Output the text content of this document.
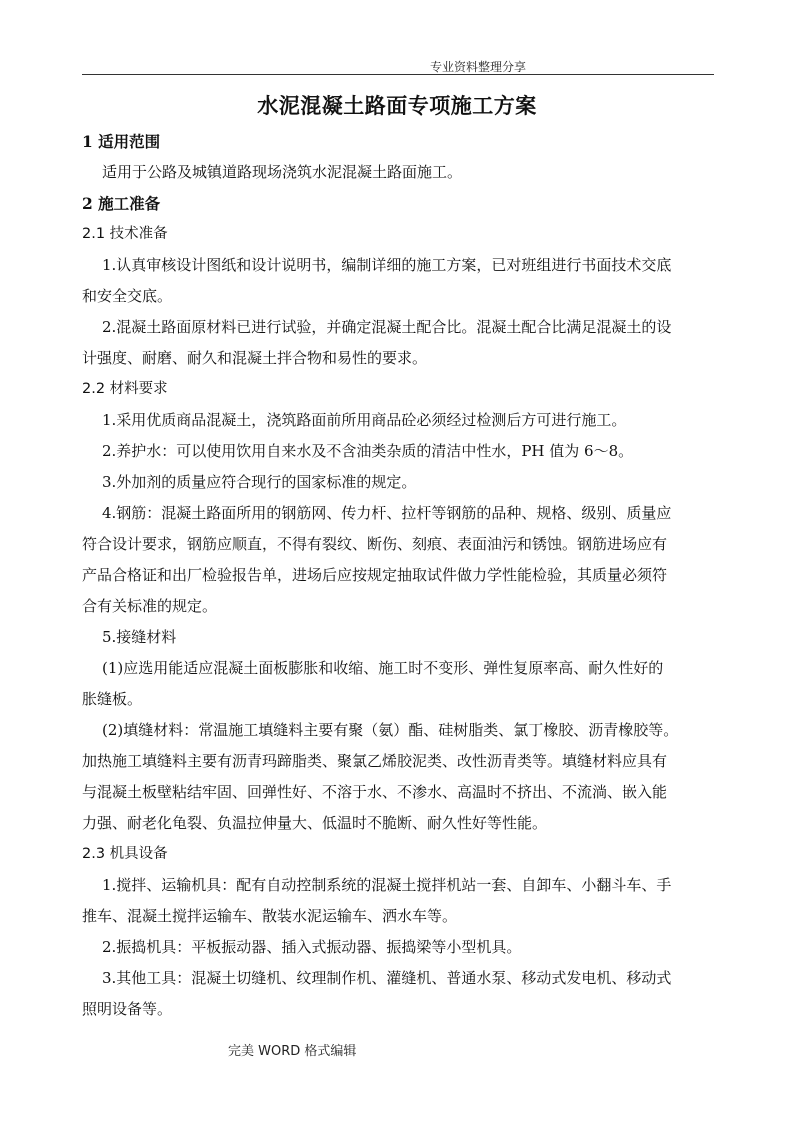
专业资料整理分享
水泥混凝土路面专项施工方案
1 适用范围
适用于公路及城镇道路现场浇筑水泥混凝土路面施工。
2 施工准备
2.1 技术准备
1.认真审核设计图纸和设计说明书，编制详细的施工方案，已对班组进行书面技术交底
和安全交底。
2.混凝土路面原材料已进行试验，并确定混凝土配合比。混凝土配合比满足混凝土的设
计强度、耐磨、耐久和混凝土拌合物和易性的要求。
2.2 材料要求
1.采用优质商品混凝土，浇筑路面前所用商品砼必须经过检测后方可进行施工。
2.养护水：可以使用饮用自来水及不含油类杂质的清洁中性水，PH 值为 6～8。
3.外加剂的质量应符合现行的国家标准的规定。
4.钢筋：混凝土路面所用的钢筋网、传力杆、拉杆等钢筋的品种、规格、级别、质量应
符合设计要求，钢筋应顺直，不得有裂纹、断伤、刻痕、表面油污和锈蚀。钢筋进场应有
产品合格证和出厂检验报告单，进场后应按规定抽取试件做力学性能检验，其质量必须符
合有关标准的规定。
5.接缝材料
(1)应选用能适应混凝土面板膨胀和收缩、施工时不变形、弹性复原率高、耐久性好的
胀缝板。
(2)填缝材料：常温施工填缝料主要有聚（氨）酯、硅树脂类、氯丁橡胶、沥青橡胶等。
加热施工填缝料主要有沥青玛蹄脂类、聚氯乙烯胶泥类、改性沥青类等。填缝材料应具有
与混凝土板壁粘结牢固、回弹性好、不溶于水、不渗水、高温时不挤出、不流淌、嵌入能
力强、耐老化龟裂、负温拉伸量大、低温时不脆断、耐久性好等性能。
2.3 机具设备
1.搅拌、运输机具：配有自动控制系统的混凝土搅拌机站一套、自卸车、小翻斗车、手
推车、混凝土搅拌运输车、散装水泥运输车、洒水车等。
2.振捣机具：平板振动器、插入式振动器、振捣梁等小型机具。
3.其他工具：混凝土切缝机、纹理制作机、灌缝机、普通水泵、移动式发电机、移动式
照明设备等。
完美 WORD 格式编辑
